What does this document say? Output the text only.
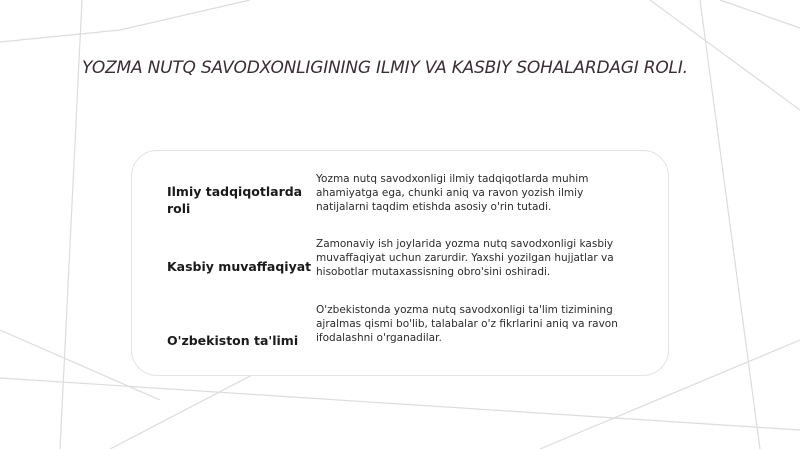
YOZMA NUTQ SAVODXONLIGINING ILMIY VA KASBIY SOHALARDAGI ROLI.
Ilmiy tadqiqotlarda roli
Yozma nutq savodxonligi ilmiy tadqiqotlarda muhim ahamiyatga ega, chunki aniq va ravon yozish ilmiy natijalarni taqdim etishda asosiy o'rin tutadi.
Kasbiy muvaffaqiyat
Zamonaviy ish joylarida yozma nutq savodxonligi kasbiy muvaffaqiyat uchun zarurdir. Yaxshi yozilgan hujjatlar va hisobotlar mutaxassisning obro'sini oshiradi.
O'zbekiston ta'limi
O'zbekistonda yozma nutq savodxonligi ta'lim tizimining ajralmas qismi bo'lib, talabalar o'z fikrlarini aniq va ravon ifodalashni o'rganadilar.
